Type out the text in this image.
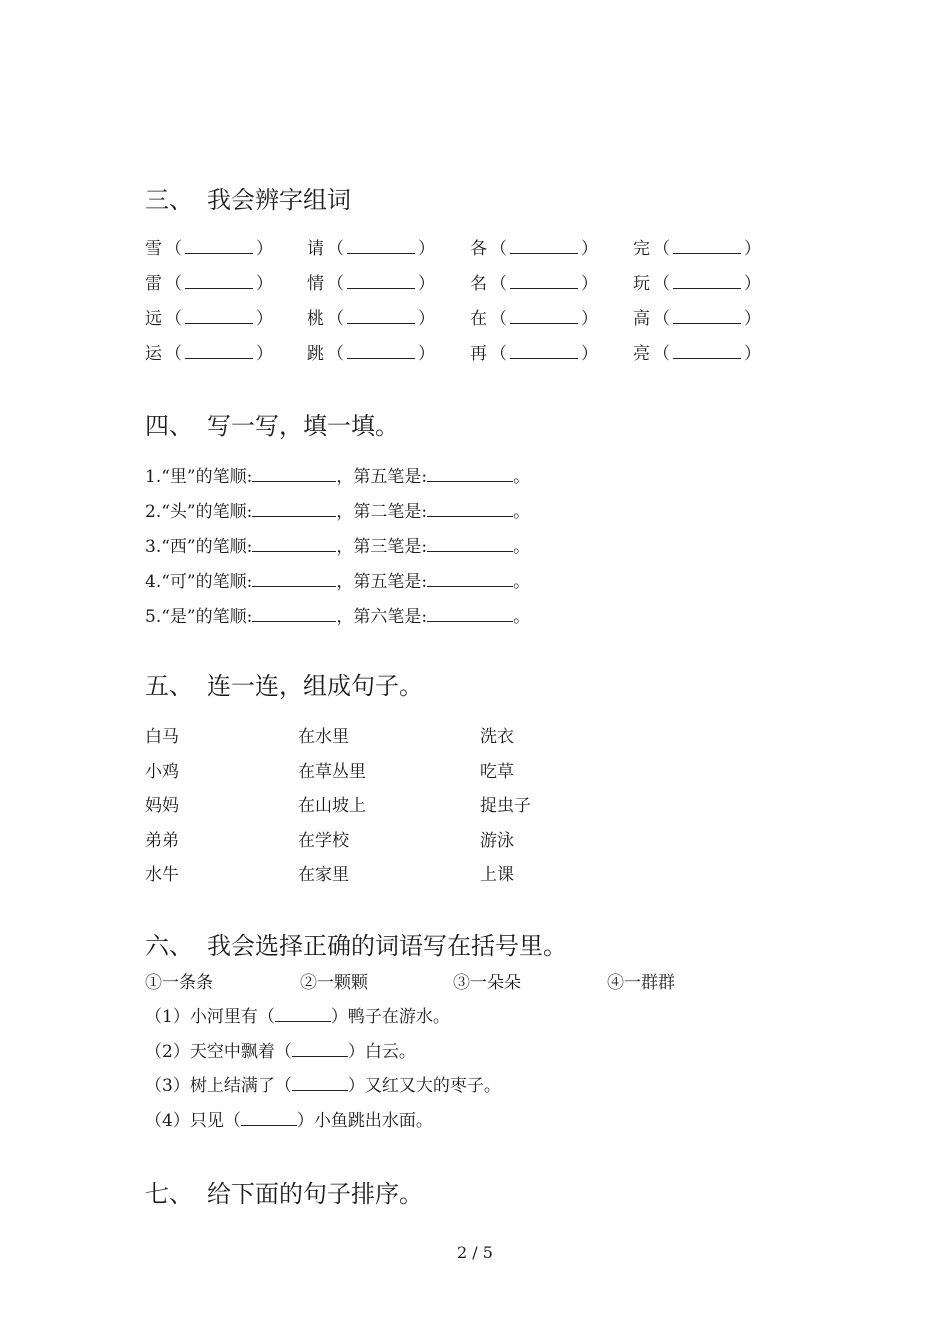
三、 我会辨字组词
雪 （	） 请 （	） 各 （	） 完 （	）
雷 （	） 情 （	） 名 （	） 玩 （	）
远 （	） 桃 （	） 在 （	） 高 （	）
运 （	） 跳 （	） 再 （	） 亮 （	）
四、 写一写，填一填。
1.“里”的笔顺:	，第五笔是:	。
2.“头”的笔顺:	，第二笔是:	。
3.“西”的笔顺:	，第三笔是:	。
4.“可”的笔顺:	，第五笔是:	。
5.“是”的笔顺:	，第六笔是:	。
五、 连一连，组成句子。
白马	在水里	洗衣
小鸡	在草丛里	吃草
妈妈	在山坡上	捉虫子
弟弟	在学校	游泳
水牛	在家里	上课
六、 我会选择正确的词语写在括号里。
①一条条	②一颗颗	③一朵朵	④一群群
（1）小河里有（	）鸭子在游水。
（2）天空中飘着（	）白云。
（3）树上结满了（	）又红又大的枣子。
（4）只见（	）小鱼跳出水面。
七、 给下面的句子排序。
2 / 5
